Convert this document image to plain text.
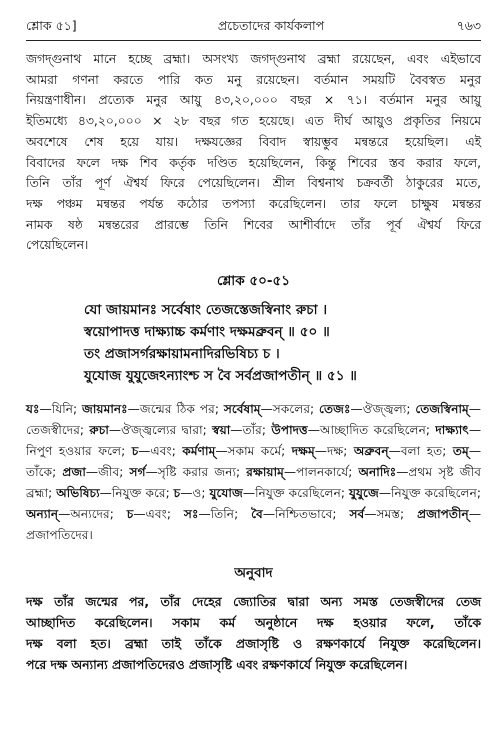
শ্লোক ৫১]	প্রচেতাদের কার্যকলাপ	৭৬৩
জগদ্গুনাথ মানে হচ্ছে ব্রহ্মা। অসংখ্য জগদ্গুনাথ ব্রহ্মা রয়েছেন, এবং এইভাবে
আমরা গণনা করতে পারি কত মনু রয়েছেন। বর্তমান সময়টি বৈবস্বত মনুর
নিয়ন্ত্রণাধীন। প্রত্যেক মনুর আয়ু ৪৩,২০,০০০ বছর × ৭১। বর্তমান মনুর আয়ু
ইতিমধ্যে ৪৩,২০,০০০ × ২৮ বছর গত হয়েছে। এত দীর্ঘ আয়ুও প্রকৃতির নিয়মে
অবশেষে শেষ হয়ে যায়। দক্ষযজ্ঞের বিবাদ স্বায়ম্ভুব মন্বন্তরে হয়েছিল। এই
বিবাদের ফলে দক্ষ শিব কর্তৃক দণ্ডিত হয়েছিলেন, কিন্তু শিবের স্তব করার ফলে,
তিনি তাঁর পূর্ণ ঐশ্বর্য ফিরে পেয়েছিলেন। শ্রীল বিশ্বনাথ চক্রবর্তী ঠাকুরের মতে,
দক্ষ পঞ্চম মন্বন্তর পর্যন্ত কঠোর তপস্যা করেছিলেন। তার ফলে চাক্ষুষ মন্বন্তর
নামক ষষ্ঠ মন্বন্তরের প্রারম্ভে তিনি শিবের আশীর্বাদে তাঁর পূর্ব ঐশ্বর্য ফিরে
পেয়েছিলেন।
শ্লোক ৫০-৫১
যো জায়মানঃ সর্বেষাং তেজস্তেজস্বিনাং রুচা ।
স্বয়োপাদত্ত দাক্ষ্যাচ্চ কর্মণাং দক্ষমব্রুবন্ ॥ ৫০ ॥
তং প্রজাসর্গরক্ষায়ামনাদিরভিষিচ্য চ ।
যুযোজ যুযুজেঽন্যাংশ্চ স বৈ সর্বপ্রজাপতীন্ ॥ ৫১ ॥
যঃ—যিনি; জায়মানঃ—জন্মের ঠিক পর; সর্বেষাম্—সকলের; তেজঃ—ঔজ্জ্বল্য; তেজস্বিনাম্—তেজস্বীদের; রুচা—ঔজ্জ্বল্যের দ্বারা; স্বয়া—তাঁর; উপাদত্ত—আচ্ছাদিত করেছিলেন; দাক্ষ্যাৎ—নিপুণ হওয়ার ফলে; চ—এবং; কর্মণাম্—সকাম কর্মে; দক্ষম্—দক্ষ; অব্রুবন্—বলা হত; তম্—তাঁকে; প্রজা—জীব; সর্গ—সৃষ্টি করার জন্য; রক্ষায়াম্—পালনকার্যে; অনাদিঃ—প্রথম সৃষ্ট জীব ব্রহ্মা; অভিষিচ্য—নিযুক্ত করে; চ—ও; যুযোজ—নিযুক্ত করেছিলেন; যুযুজে—নিযুক্ত করেছিলেন; অন্যান্—অন্যদের; চ—এবং; সঃ—তিনি; বৈ—নিশ্চিতভাবে; সর্ব—সমস্ত; প্রজাপতীন্—প্রজাপতিদের।
অনুবাদ
দক্ষ তাঁর জন্মের পর, তাঁর দেহের জ্যোতির দ্বারা অন্য সমস্ত তেজস্বীদের তেজ
আচ্ছাদিত করেছিলেন। সকাম কর্ম অনুষ্ঠানে দক্ষ হওয়ার ফলে, তাঁকে
দক্ষ বলা হত। ব্রহ্মা তাই তাঁকে প্রজাসৃষ্টি ও রক্ষণকার্যে নিযুক্ত করেছিলেন।
পরে দক্ষ অন্যান্য প্রজাপতিদেরও প্রজাসৃষ্টি এবং রক্ষণকার্যে নিযুক্ত করেছিলেন।
